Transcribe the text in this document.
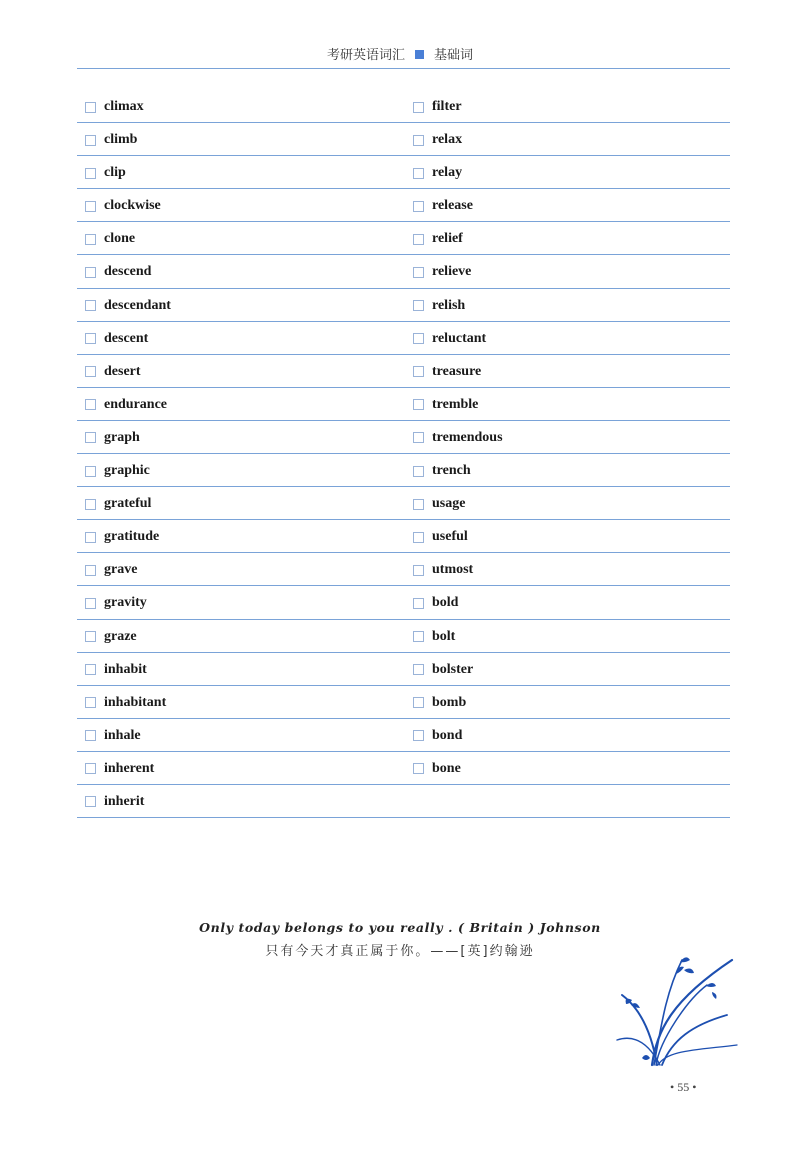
考研英语词汇 基础词
climax	filter
climb	relax
clip	relay
clockwise	release
clone	relief
descend	relieve
descendant	relish
descent	reluctant
desert	treasure
endurance	tremble
graph	tremendous
graphic	trench
grateful	usage
gratitude	useful
grave	utmost
gravity	bold
graze	bolt
inhabit	bolster
inhabitant	bomb
inhale	bond
inherent	bone
inherit
Only today belongs to you really . ( Britain ) Johnson
只有今天才真正属于你。——[英]约翰逊
• 55 •
